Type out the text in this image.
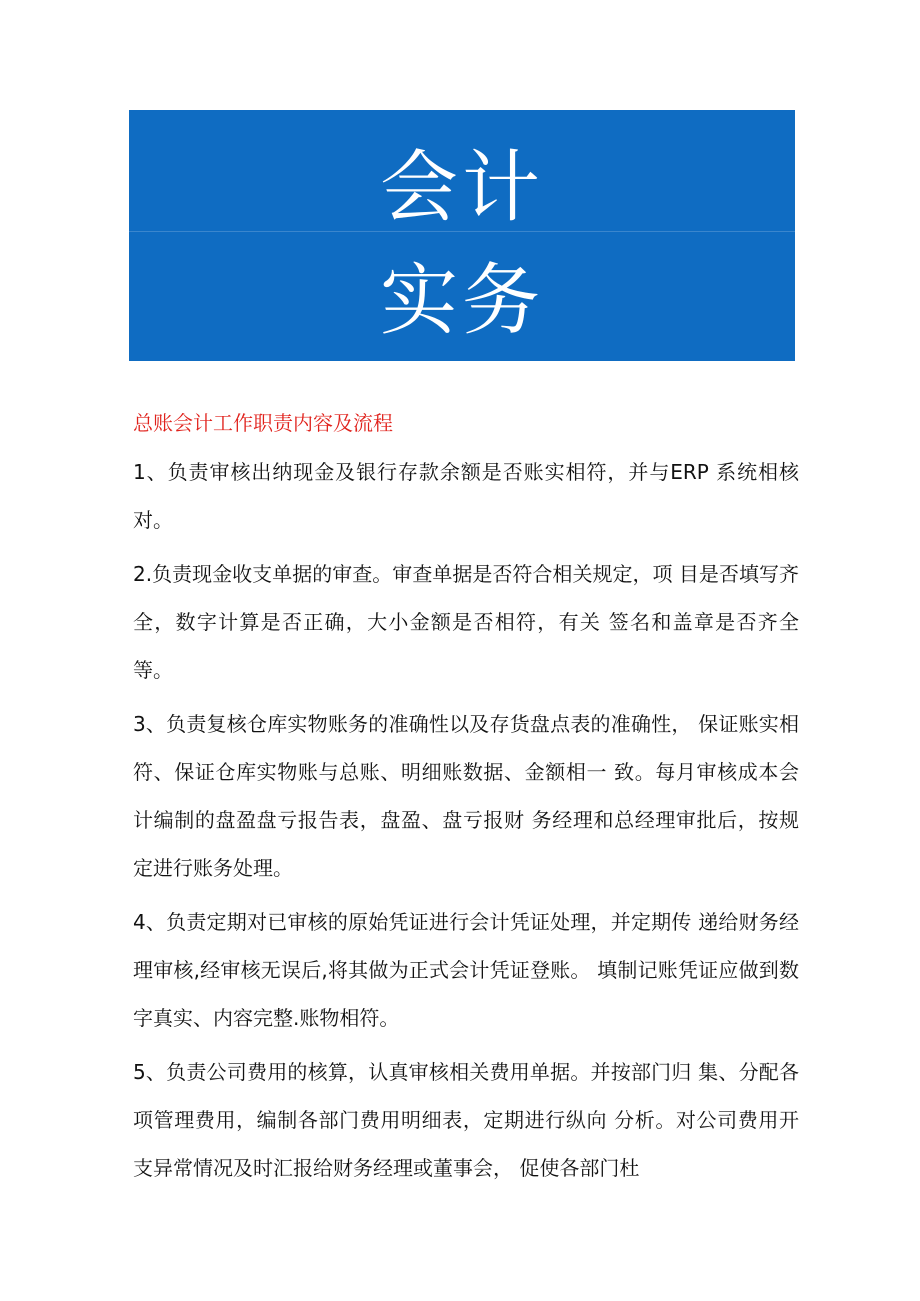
会计
实务
总账会计工作职责内容及流程

1、负责审核出纳现金及银行存款余额是否账实相符，并与ERP 系统相核对。

2.负责现金收支单据的审查。审查单据是否符合相关规定，项 目是否填写齐全，数字计算是否正确，大小金额是否相符，有关 签名和盖章是否齐全等。

3、负责复核仓库实物账务的准确性以及存货盘点表的准确性， 保证账实相符、保证仓库实物账与总账、明细账数据、金额相一 致。每月审核成本会计编制的盘盈盘亏报告表，盘盈、盘亏报财 务经理和总经理审批后，按规定进行账务处理。

4、负责定期对已审核的原始凭证进行会计凭证处理，并定期传 递给财务经理审核,经审核无误后,将其做为正式会计凭证登账。 填制记账凭证应做到数字真实、内容完整.账物相符。

5、负责公司费用的核算，认真审核相关费用单据。并按部门归 集、分配各项管理费用，编制各部门费用明细表，定期进行纵向 分析。对公司费用开支异常情况及时汇报给财务经理或董事会， 促使各部门杜
